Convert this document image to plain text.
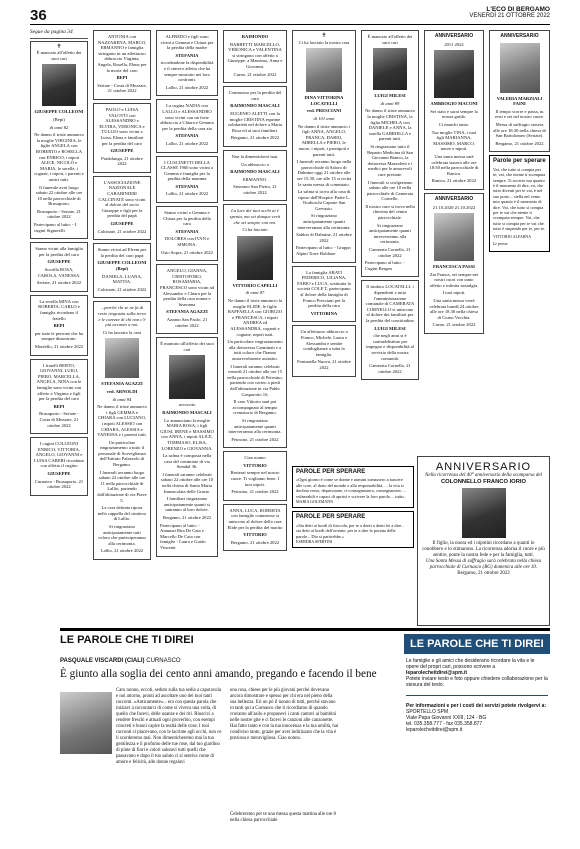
36	L'ECO DI BERGAMO
VENERDÌ 21 OTTOBRE 2022

Segue da pagina 34

✝

È mancato all'affetto dei suoi cari

GIUSEPPE COLLEONI

(Bepi)

di anni 82

Ne danno il triste annuncio la moglie VIRGINIA, le figlie ANGELA con ROBERTO e ROSELLA con ENRICO, i nipoti ALICE, NICOLÒ e MARIA, le sorelle, i cognati, i nipoti, i parenti e amici tutti.

Il funerale avrà luogo sabato 22 ottobre alle ore 10 nella parrocchiale di Brusaporto.

Brusaporto - Seriate, 21 ottobre 2022

Partecipano al lutto: - I cugini Signorelli

Siamo vicini alla famiglia per la perdita del caro

GIUSEPPE

Scorilla ROSA, CAROLA, VANESSA.

Seriate, 21 ottobre 2022

La sorella MINA con ROBERTA, CARLO e famiglia ricordano il fratello

BEPI

per tutte le persone che ha sempre dimostrato.

Montello, 21 ottobre 2022

I fratelli BERTO, GIOVANNI, LUIGI, PIERO, MARCELLA, ANGELA, NINA con le famiglie sono vicini con affetto a Virginia e figli per la perdita del caro

BEPI

Brusaporto - Seriate - Costa di Mezzate, 21 ottobre 2022

I cugini COLLEONI ENRICO, VITTORIA, ANGELO, GIOVANNI e LUISA CARERI ricordano con affetto il cugino

GIUSEPPE

Curnasco - Brusaporto, 21 ottobre 2022

ANTONIA con NAZZARENA, MARCO, ERMANNO e famiglia stringono in un affettuoso abbraccio Virginia, Angela, Rosella, Elena per la morte del caro

BEPI

Seriate - Costa di Mezzate, 21 ottobre 2022

PAOLO e LUISA VALOTTI con ALESSANDRO e ELVIRA, VERONICA e TULLIO sono vicini a Luisa, Elena e familiari per la perdita del caro

GIUSEPPE

Pradalunga, 21 ottobre 2022

L'ASSOCIAZIONE NAZIONALE CARABINIERI CALCINATE sono vicini al dolore del socio Giuseppe e figli per la perdita del papà

GIUSEPPE

Calcinate, 21 ottobre 2022

Siamo vicini ad Efrem per la perdita del caro papà

GIUSEPPE COLLEONI (Bepi)

DANIELA, LUANA, MATTIA.

Calcinate, 21 ottobre 2022

...perché chi se ne fa di resto ringrazia sulla terra e le carezze di chi non c'è più accanto a noi.

Ci ha lasciato la cara

STEFANIA AGAZZI

ved. ARNOLDI

di anni 94

Ne danno il triste annuncio i figli GEMMA e CHIARA con LUCIANO, i nipoti ALESSIO con CHIARA, ALESSIA e VANESSA e i parenti tutti.

Un particolare ringraziamento a tutto il personale di Sorveglianza dell'Istituto Palazzolo di Bergamo.

I funerali avranno luogo sabato 22 ottobre alle ore 11 nella parrocchiale di Lallio, partendo dall'abitazione di via Piave 5.

La cara defunta riposa nella cappella del cimitero di Lallio.

Si ringraziano anticipatamente tutti coloro che parteciperanno alla cerimonia.

Lallio, 21 ottobre 2022

ALFREDO e figli sono vicini a Gemma e Chiara per la perdita della madre

STEFANIA

ricordandone la disponibilità e il sincero affetto che ha sempre mostrato nei loro confronti.

Lallio, 21 ottobre 2022

La cugina NADIA con LALLO e ALESSANDRO sono vicini con un forte abbraccio a Chiara e Gemma per la perdita della cara zia

STEFANIA

Lallio, 21 ottobre 2022

I CUSCINETTI DELLA CLASSE 1960 sono vicini a Gemma e famiglia per la perdita della mamma

STEFANIA

Lallio, 21 ottobre 2022

Siamo vicini a Gemma e Chiara per la perdita della cara

STEFANIA

DOLORES con IVAN e SIMONA.

Osio Sopra, 21 ottobre 2022

ANGELO, GIANNA, CRISTOFORO, ROSAMARIA, FRANCESCO sono vicini ad Alessandro e Chiara per la perdita della cara nonna e bisnonna

STEFANIA AGAZZI

Azzano San Paolo, 21 ottobre 2022

È mancato all'affetto dei suoi cari

avvocato

RAIMONDO MASCALI

Lo annunciano la moglie MARIA ROSA, i figli GIUSI, IRENE e MASSIMO con ANNA, i nipoti ALICE, TOMMASO, ELISA, LORENZO e GIOVANNA.

La salma è composta nella casa del commiato di via Stendal 36.

I funerali saranno celebrati sabato 22 ottobre alle ore 10 nella chiesa di Santa Maria Immacolata delle Grazie.

I familiari ringraziano anticipatamente quanti si uniranno al loro dolore.

Bergamo, 21 ottobre 2022

Partecipano al lutto: - Annunzi Rita De Cata e Marcello De Cata con famiglie - Laura e Guido Vincenti

RAIMONDO

BARBETTI MARCELLO, VERONICA e VALENTINA si stringono con affetto a Giuseppe, a Massimo, Anna e Giovanni.

Curno, 21 ottobre 2022

Commosso per la perdita del caro

RAIMONDO MASCALI

EUGENIO ALETTI con la moglie CRISTINA esprime solidarietà nel dolore a Maria Rosa ed ai suoi familiari.

Bergamo, 21 ottobre 2022

Non la dimenticheró mai.

Un abbraccio a

RAIMONDO MASCALI

ERMANNO.

Stezzano San Pietro, 21 ottobre 2022

La luce dei tuoi occhi ai è spenta, ma sei dunque certi che sei sempre con noi.

Ci ha lasciato

VITTORIO CAPELLI

di anni 87

Ne danno il triste annuncio la moglie ELIDE, le figlie RAFFAELLA con GIORGIO e FRANCESCA, i nipoti ANDREA ed ALESSANDRA, cognati e cognate, nipoti tutti.

Un particolare ringraziamento alla dottoressa Carminati e a tutti coloro che l'hanno amorevolmente assistito.

I funerali saranno celebrati venerdì 21 ottobre alle ore 15 nella parrocchiale di Petosino, partendo con corteo a piedi dall'abitazione in via Pablo Gasparotto 16.

Il caro Vittorio sarà poi accompagnato al tempio crematorio di Bergamo.

Si ringraziano anticipatamente quanti interverranno alla cerimonia.

Petosino, 21 ottobre 2022

Ciao nonno

VITTORIO

Resterai sempre nel nostro cuore. Ti vogliamo bene. I tuoi nipoti.

Petosino, 21 ottobre 2022

ANNA, LUCA, ROBERTA con famiglie commosse si uniscono al dolore della cara Elide per la perdita del marito

VITTORIO

Bergamo, 21 ottobre 2022

✝

Ci ha lasciato la nostra cara

DINA VITTORINA LOCATELLI

ved. PRESCIANI

di 101 anni

Ne danno il triste annuncio i figli ANNA, ANGELO, FRANCA, DARIO, MIRELLA e PIERO, le nuore, i nipoti, i pronipoti e parenti tutti.

I funerali avranno luogo nella parrocchiale di Saloro di Dalmine oggi 21 ottobre alle ore 15.30, ore alle 15 si recita la santa messa di commiato.

La salma si trova alla casa di riposo dell'Hospice Padre L. Tiraboschi Caprate San Gervasio.

Si ringraziano anticipatamente quanti interverranno alla cerimonia.

Sabbio di Dalmine, 21 ottobre 2022

Partecipano al lutto: - Gruppo Alpini Torre Boldone

La famiglia ABATI FEDERICO, LILIANA, FABIO e LUCA, sostituita la società COLE T, partecipano al dolore della famiglia di Franco Presciani per la perdita della cara

VITTORINA

Un affettuoso abbraccio a Franco, Michele, Laura e Alessandra e sentite condoglianze a tutta la famiglia.

Fontanella Nuova, 21 ottobre 2022

È mancato all'affetto dei suoi cari

LUIGI MILESI

di anni 89

Ne danno il triste annuncio la moglie CRISTINA, la figlia MICHELA con DANIELE e ANNA, la sorella GABRIELLA e parenti tutti.

Si ringraziano tutto il Reparto Medicina di San Giovanni Bianco, la dottoressa Mazzoleni e i medici per le amorevoli cure prestate.

I funerali si svolgeranno sabato alle ore 10 nella parrocchiale di Camerata Cornello.

Il nostro caro si trova nella chiesina del centro parrocchiale.

Si ringraziano anticipatamente quanti interverranno alla cerimonia.

Camerata Cornello, 21 ottobre 2022

Partecipano al lutto: - Cugini Bergen

Il sindaco LOCATELLI, i dipendenti e tutta l'amministrazione comunale di CAMERATA CORNELLO si uniscono al dolore dei familiari per la perdita del concittadino

LUIGI MILESI

che negli anni si è contraddistinto per impegno e disponibilità al servizio della nostra comunità.

Camerata Cornello, 21 ottobre 2022

ANNIVERSARIO

2011 2022

AMBROGIO MACONI

Sei stato e sarai sempre la nostra guida.

Ci manchi tanto.

Tua moglie TINA, i tuoi figli MARIANNA, MASSIMO, MARCO, nuore e nipoti.

Una santa messa sarà celebrata stasera alle ore 18:30 nella parrocchiale di Ranica.

Ranica, 21 ottobre 2022

ANNIVERSARIO

21.10.2020 21.10.2022

FRANCESCA PASSI

Zia Franca, sei sempre nei nostri cuori con tanto affetto e infinita nostalgia.

I tuoi nipoti.

Una santa messa verrà celebrata lunedì 24 ottobre alle ore 18.30 nella chiesa di Curno Vecchia.

Curno, 21 ottobre 2022

ANNIVERSARIO

VALERIA MARZIALI FAINI

Il tempo scorre e passa, tu resti e sei nel nostro cuore.

Messa di suffragio stasera alle ore 18:30 nella chiesa di San Bartolomeo (Seriate).

Bergamo, 21 ottobre 2022

Parole per sperare

Vai, che tutto si compia per te; vai, che niente ti scompaia sempre. Ti accerto ma quanto è il momento di dire, va, che tutto diventi per te vai, è nel suo porto... stella nel vento mio quanto è il momento di dire. Vai, che tutto si compia per te vai che niente ti scompaia sempre. Vai, che tutto si compia per te vai che tutto è stupendo per te, per te.

VITTORIO ALFARNA

Le preste

PAROLE PER SPERARE

«Ogni giorno è come se donne e uomini tornassero a nascere alle cose, al dono del mondo e alla responsabilità, ... la vita si declina verso, depressione, ri-consegnassero, consegnassero ... vulnerabili e capaci di aprirsi e scrivere la loro parola ... tutti».

MARIA GOLEMANN

PAROLE PER SPERARE

«Sia detti ai bordi di fiaccola, per te a denti a denti lei a dire... sia detti ai bordi dell'orrente, per te a dire la portata delle parole... Dio si partirebbe.»

ESERDRA SPERTINI

ANNIVERSARIO
Nella ricorrenza del 40° anniversario della scomparsa del
COLONNELLO FRANCO IORIO
Il figlio, la nuora ed i nipotini ricordano a quanti lo conobbero e lo stimarono. La ricorrenza adorna il cuore e più sentire, ponte la nostra fede e per la famiglia, tutti.
Una Santa Messa di suffragio sarà celebrata nella chiesa parrocchiale di Curnasco (BG) domenica alle ore 10.
Bergamo, 21 ottobre 2022
LE PAROLE CHE TI DIREI
PASQUALE VISCARDI (CIALI) CURNASCO
È giunto alla soglia dei cento anni amando, pregando e facendo il bene
Caro nonno, eccoti, seduto sulla tua sedia a capotavola e noi attorno, pronti ad ascoltare uno dei tuoi tanti racconti. «Anticamente»... era con questa parola che iniziavi a raccontarci di come si viveva una volta, di quello che facevi, delle usanze e dei riti. Riuscivi a rendere freschi e attuali ogni proverbio, con esempi concreti e buoni capire la realtà delle cose. I tuoi racconti ci piacevano, con le lacrime agli occhi, non ce li scorderemo mai. Non dimenticheremo mai la tua gentilezza e il profumo delle tue rose, dal tuo giardino di pinte di fiori e colori salutavi tutti quelli che passavano e dopo il tuo saluto ci si sentiva come di amore e felicità, alle donne regalavi
una rosa, chiese per le più giovani perché dovevano ancora dimostrare e spesso per chi era nel pieno della sua bellezza. Eri un pò il nonno di tutti, perché stavano in tanti qui a Curnasco che ti ricordiamo di quando cravamo all'asilo e proponevi i canti cantavi ai bambini nelle nostre gite e ci facevi le canzoni alle canzonette. Hai fatto tanto e con la tua innocenza e la tua umiltà, hai condiviso tanto, grazie per aver indirizzato che la vita è preziosa e meravigliosa. Ciao nonno.
Celebreremo per te una messa questa mattina alle ore 8 nella chiesa parrocchiale
LE PAROLE CHE TI DIREI
Le famiglie e gli amici che desiderano ricordare la vita e le opere del propri cari, possono scrivere a
leparolecheitdirei@spm.it
Potete inviare testo e foto oppure chiedere collaborazione per la stesura del testo.
Per informazioni e per i costi dei servizi potete rivolgervi a:
SPORTELLO SPM
Viale Papa Giovanni XXIII, 124 - BG
tel. 035.358.777 - fax 035.358.877
leparolecheitdirei@spm.it
